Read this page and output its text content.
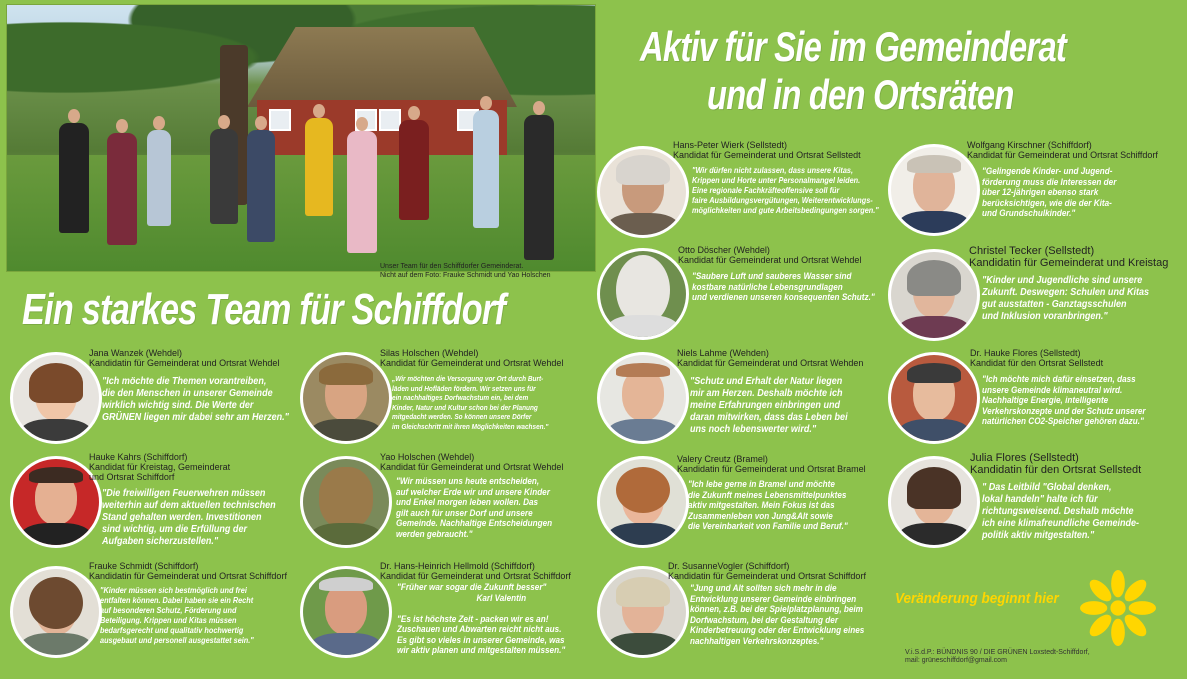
Unser Team für den Schiffdorfer Gemeinderat.
Nicht auf dem Foto: Frauke Schmidt und Yao Holschen
Aktiv für Sie im Gemeinderat
und in den Ortsräten
Ein starkes Team für Schiffdorf
Hans-Peter Wierk (Sellstedt)
Kandidat für Gemeinderat und Ortsrat Sellstedt
"Wir dürfen nicht zulassen, dass unsere Kitas,
Krippen und Horte unter Personalmangel leiden.
Eine regionale Fachkräfteoffensive soll für
faire Ausbildungsvergütungen, Weiterentwicklungs-
möglichkeiten und gute Arbeitsbedingungen sorgen."
Wolfgang Kirschner (Schiffdorf)
Kandidat für Gemeinderat und Ortsrat Schiffdorf
"Gelingende Kinder- und Jugend-
förderung muss die Interessen der
über 12-jährigen ebenso stark
berücksichtigen, wie die der Kita-
und Grundschulkinder."
Otto Döscher (Wehdel)
Kandidat für Gemeinderat und Ortsrat Wehdel
"Saubere Luft und sauberes Wasser sind
kostbare natürliche Lebensgrundlagen
und verdienen unseren konsequenten Schutz."
Christel Tecker (Sellstedt)
Kandidatin für Gemeinderat und Kreistag
"Kinder und Jugendliche sind unsere
Zukunft. Deswegen: Schulen und Kitas
gut ausstatten - Ganztagsschulen
und Inklusion voranbringen."
Jana Wanzek (Wehdel)
Kandidatin für Gemeinderat und Ortsrat Wehdel
"Ich möchte die Themen vorantreiben,
die den Menschen in unserer Gemeinde
wirklich wichtig sind. Die Werte der
GRÜNEN liegen mir dabei sehr am Herzen."
Silas Holschen (Wehdel)
Kandidat für Gemeinderat und Ortsrat Wehdel
„Wir möchten die Versorgung vor Ort durch Burt-
läden und Hofläden fördern. Wir setzen uns für
ein nachhaltiges Dorfwachstum ein, bei dem
Kinder, Natur und Kultur schon bei der Planung
mitgedacht werden. So können unsere Dörfer
im Gleichschritt mit ihren Möglichkeiten wachsen."
Niels Lahme (Wehden)
Kandidat für Gemeinderat und Ortsrat Wehden
"Schutz und Erhalt der Natur liegen
mir am Herzen. Deshalb möchte ich
meine Erfahrungen einbringen und
daran mitwirken, dass das Leben bei
uns noch lebenswerter wird."
Dr. Hauke Flores (Sellstedt)
Kandidat für den Ortsrat Sellstedt
"Ich möchte mich dafür einsetzen, dass
unsere Gemeinde klimaneutral wird.
Nachhaltige Energie, intelligente
Verkehrskonzepte und der Schutz unserer
natürlichen CO2-Speicher gehören dazu."
Hauke Kahrs (Schiffdorf)
Kandidat für Kreistag, Gemeinderat
und Ortsrat Schiffdorf
"Die freiwilligen Feuerwehren müssen
weiterhin auf dem aktuellen technischen
Stand gehalten werden. Investitionen
sind wichtig, um die Erfüllung der
Aufgaben sicherzustellen."
Yao Holschen (Wehdel)
Kandidat für Gemeinderat und Ortsrat Wehdel
"Wir müssen uns heute entscheiden,
auf welcher Erde wir und unsere Kinder
und Enkel morgen leben wollen. Das
gilt auch für unser Dorf und unsere
Gemeinde. Nachhaltige Entscheidungen
werden gebraucht."
Valery Creutz (Bramel)
Kandidatin für Gemeinderat und Ortsrat Bramel
"Ich lebe gerne in Bramel und möchte
die Zukunft meines Lebensmittelpunktes
aktiv mitgestalten. Mein Fokus ist das
Zusammenleben von Jung&Alt sowie
die Vereinbarkeit von Familie und Beruf."
Julia Flores (Sellstedt)
Kandidatin für den Ortsrat Sellstedt
" Das Leitbild "Global denken,
lokal handeln" halte ich für
richtungsweisend. Deshalb möchte
ich eine klimafreundliche Gemeinde-
politik aktiv mitgestalten."
Frauke Schmidt (Schiffdorf)
Kandidatin für Gemeinderat und Ortsrat Schiffdorf
"Kinder müssen sich bestmöglich und frei
entfalten können. Dabei haben sie ein Recht
auf besonderen Schutz, Förderung und
Beteiligung. Krippen und Kitas müssen
bedarfsgerecht und qualitativ hochwertig
ausgebaut und personell ausgestattet sein."
Dr. Hans-Heinrich Hellmold (Schiffdorf)
Kandidat für Gemeinderat und Ortsrat Schiffdorf
"Früher war sogar die Zukunft besser"
Karl Valentin

"Es ist höchste Zeit - packen wir es an!
Zuschauen und Abwarten reicht nicht aus.
Es gibt so vieles in unserer Gemeinde, was
wir aktiv planen und mitgestalten müssen."
Dr. SusanneVogler (Schiffdorf)
Kandidatin für Gemeinderat und Ortsrat Schiffdorf
"Jung und Alt sollten sich mehr in die
Entwicklung unserer Gemeinde einbringen
können, z.B. bei der Spielplatzplanung, beim
Dorfwachstum, bei der Gestaltung der
Kinderbetreuung oder der Entwicklung eines
nachhaltigen Verkehrskonzeptes."
Veränderung beginnt hier
V.i.S.d.P.: BÜNDNIS 90 / DIE GRÜNEN Loxstedt-Schiffdorf,
mail: grüneschiffdorf@gmail.com
